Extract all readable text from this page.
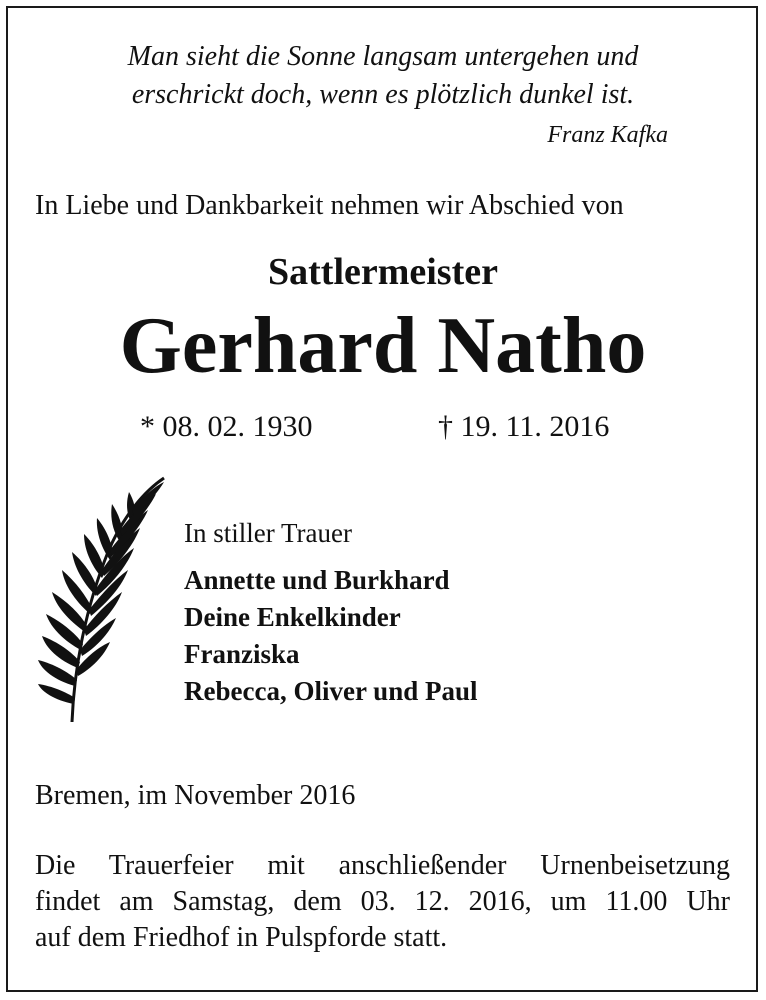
Man sieht die Sonne langsam untergehen und
erschrickt doch, wenn es plötzlich dunkel ist.
Franz Kafka
In Liebe und Dankbarkeit nehmen wir Abschied von
Sattlermeister
Gerhard Natho
* 08. 02. 1930	† 19. 11. 2016
In stiller Trauer
Annette und Burkhard
Deine Enkelkinder
Franziska
Rebecca, Oliver und Paul
Bremen, im November 2016
Die Trauerfeier mit anschließender Urnenbeisetzung
findet am Samstag, dem 03. 12. 2016, um 11.00 Uhr
auf dem Friedhof in Pulspforde statt.
